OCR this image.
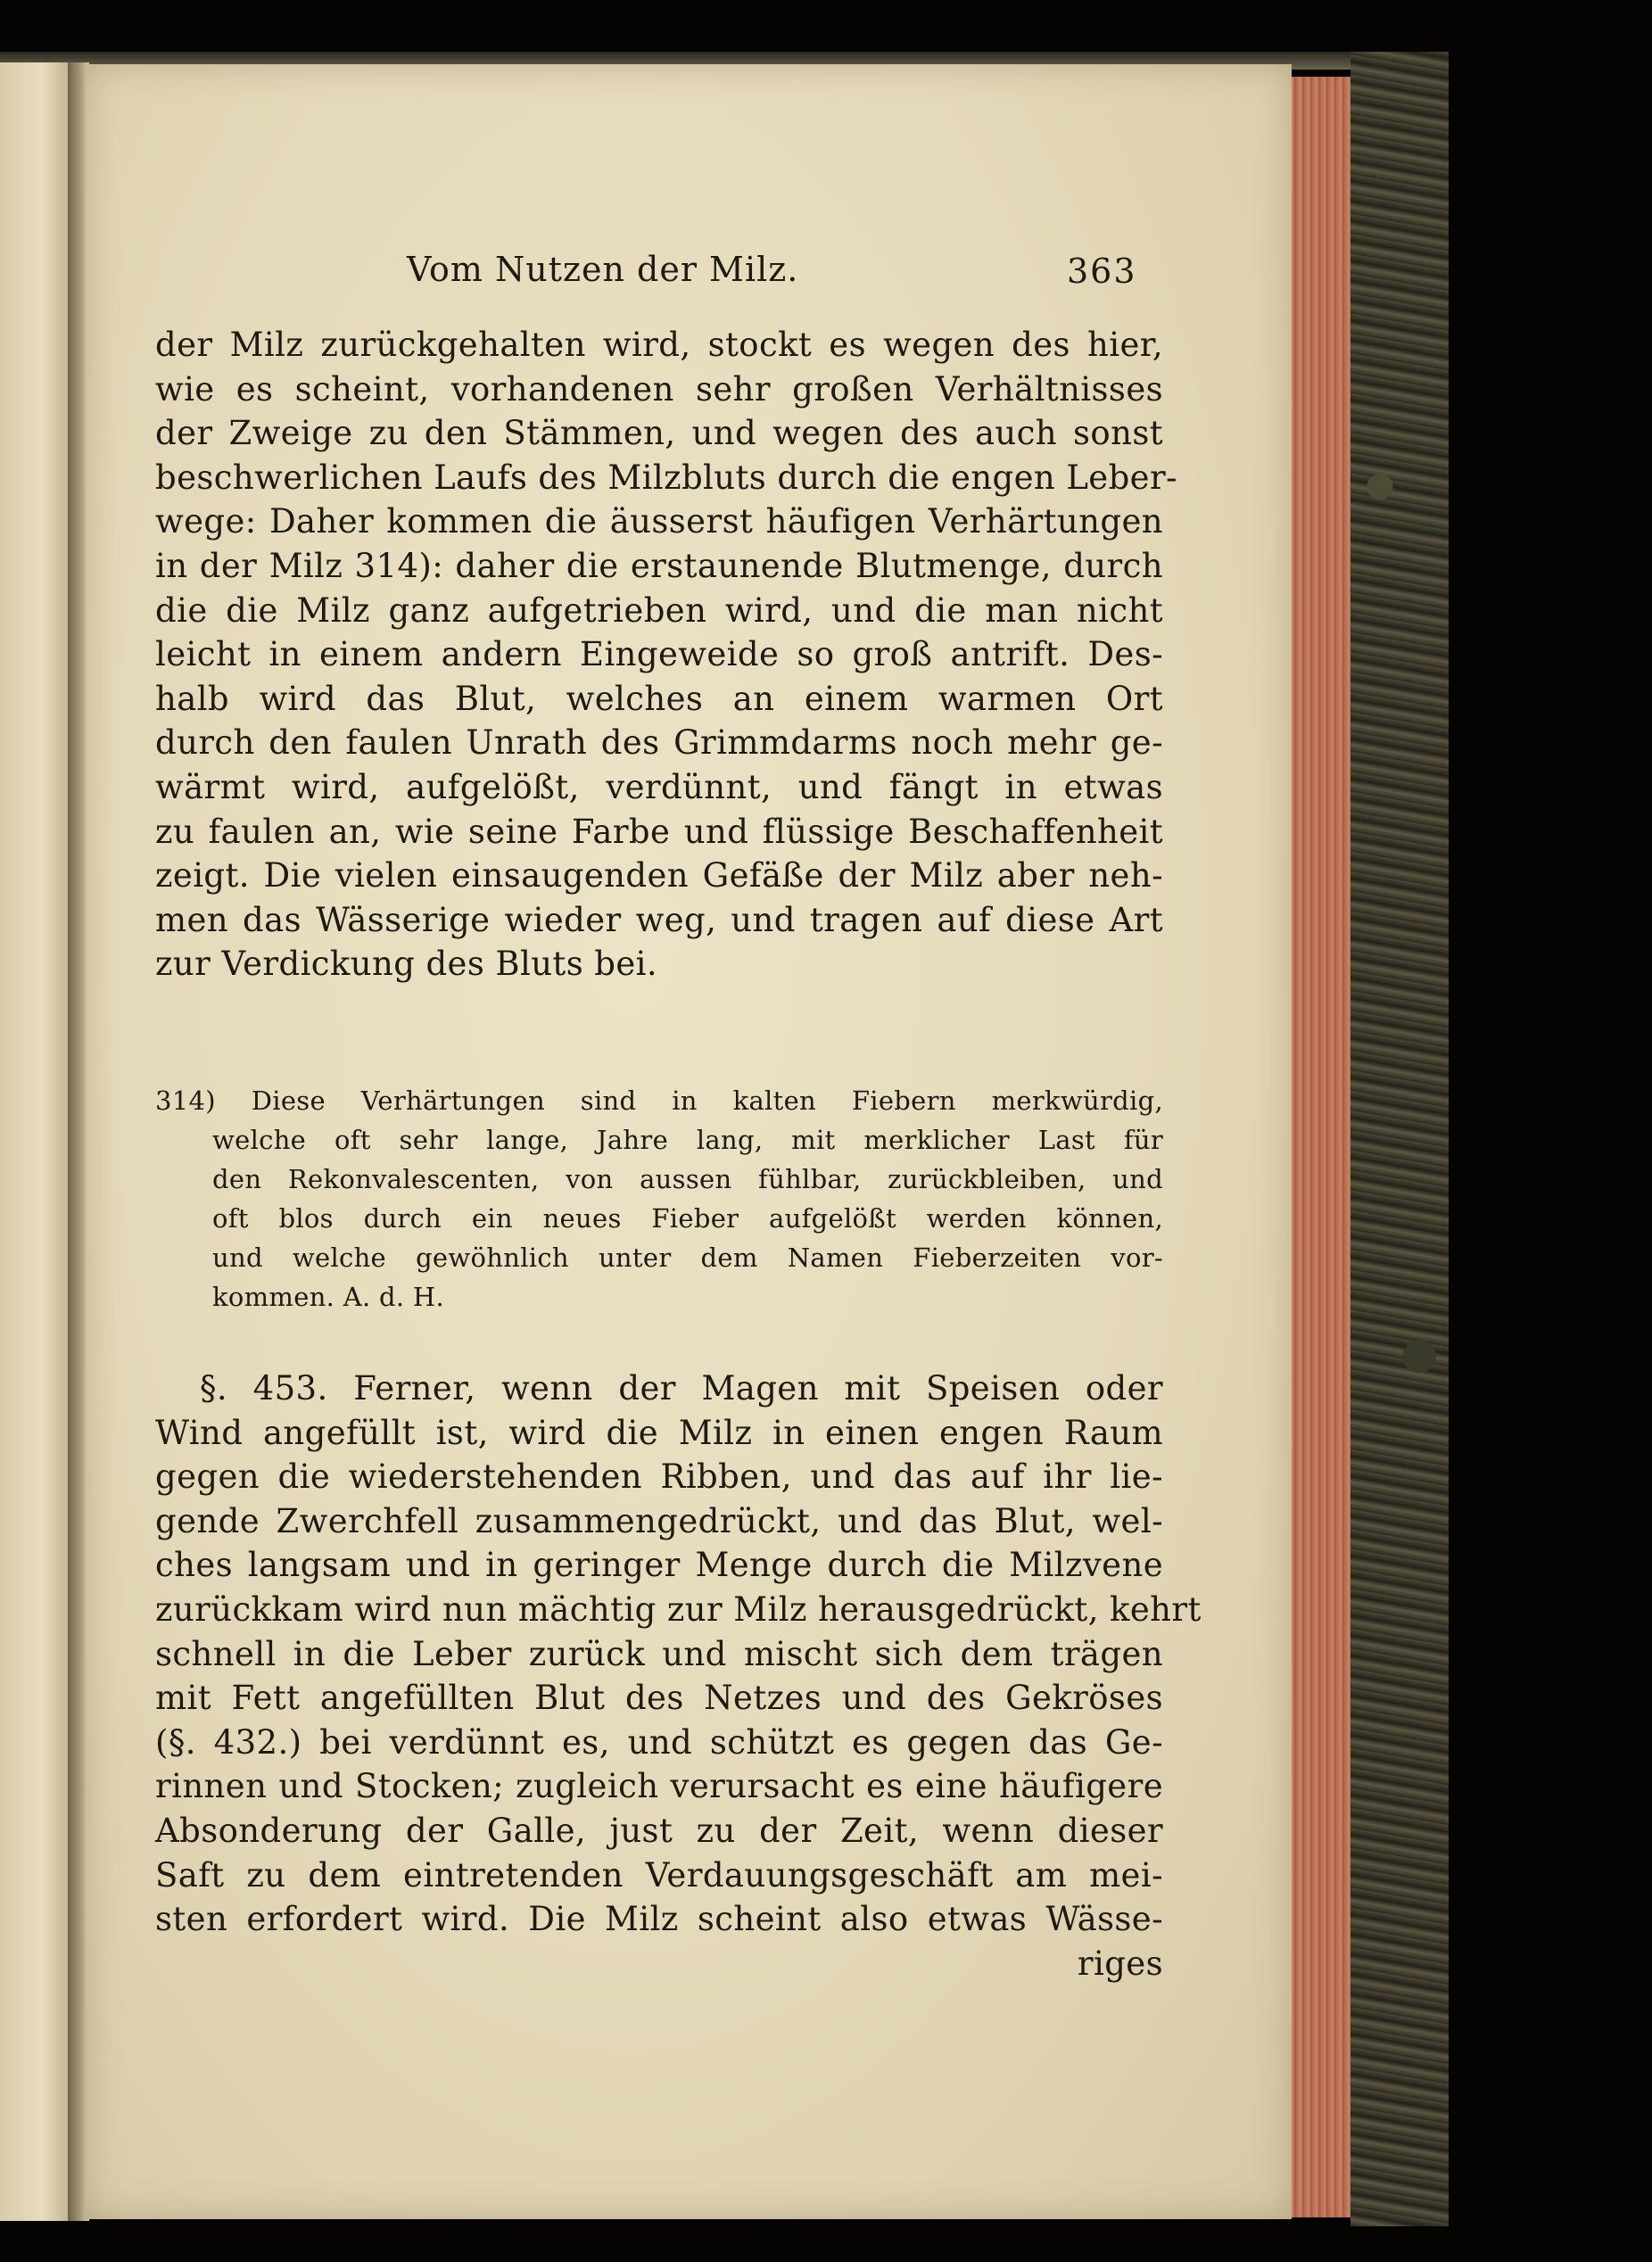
Vom Nutzen der Milz.	363
der Milz zurückgehalten wird, stockt es wegen des hier,
wie es scheint, vorhandenen sehr großen Verhältnisses
der Zweige zu den Stämmen, und wegen des auch sonst
beschwerlichen Laufs des Milzbluts durch die engen Leber-
wege: Daher kommen die äusserst häufigen Verhärtungen
in der Milz 314): daher die erstaunende Blutmenge, durch
die die Milz ganz aufgetrieben wird, und die man nicht
leicht in einem andern Eingeweide so groß antrift. Des-
halb wird das Blut, welches an einem warmen Ort
durch den faulen Unrath des Grimmdarms noch mehr ge-
wärmt wird, aufgelößt, verdünnt, und fängt in etwas
zu faulen an, wie seine Farbe und flüssige Beschaffenheit
zeigt. Die vielen einsaugenden Gefäße der Milz aber neh-
men das Wässerige wieder weg, und tragen auf diese Art
zur Verdickung des Bluts bei.
314) Diese Verhärtungen sind in kalten Fiebern merkwürdig,
welche oft sehr lange, Jahre lang, mit merklicher Last für
den Rekonvalescenten, von aussen fühlbar, zurückbleiben, und
oft blos durch ein neues Fieber aufgelößt werden können,
und welche gewöhnlich unter dem Namen Fieberzeiten vor-
kommen. A. d. H.
§. 453. Ferner, wenn der Magen mit Speisen oder
Wind angefüllt ist, wird die Milz in einen engen Raum
gegen die wiederstehenden Ribben, und das auf ihr lie-
gende Zwerchfell zusammengedrückt, und das Blut, wel-
ches langsam und in geringer Menge durch die Milzvene
zurückkam wird nun mächtig zur Milz herausgedrückt, kehrt
schnell in die Leber zurück und mischt sich dem trägen
mit Fett angefüllten Blut des Netzes und des Gekröses
(§. 432.) bei verdünnt es, und schützt es gegen das Ge-
rinnen und Stocken; zugleich verursacht es eine häufigere
Absonderung der Galle, just zu der Zeit, wenn dieser
Saft zu dem eintretenden Verdauungsgeschäft am mei-
sten erfordert wird. Die Milz scheint also etwas Wässe-
riges
